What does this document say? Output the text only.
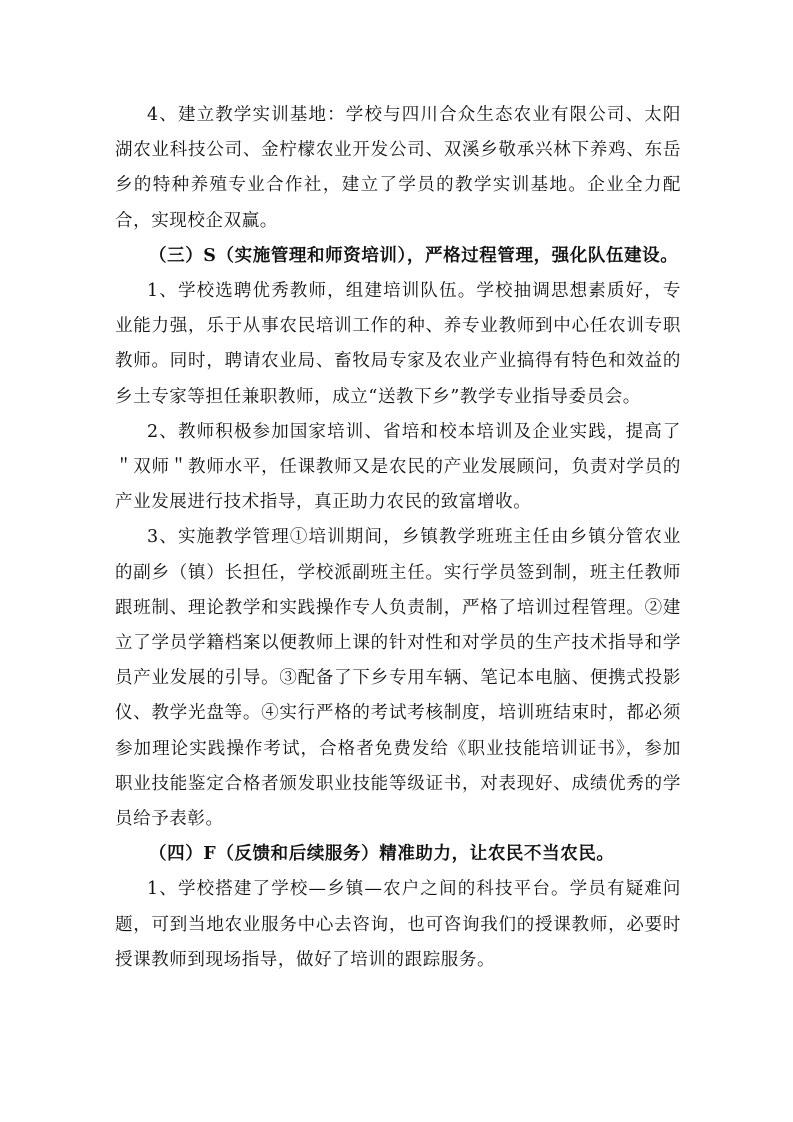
4、建立教学实训基地：学校与四川合众生态农业有限公司、太阳湖农业科技公司、金柠檬农业开发公司、双溪乡敬承兴林下养鸡、东岳乡的特种养殖专业合作社，建立了学员的教学实训基地。企业全力配合，实现校企双赢。

（三）S（实施管理和师资培训），严格过程管理，强化队伍建设。

1、学校选聘优秀教师，组建培训队伍。学校抽调思想素质好，专业能力强，乐于从事农民培训工作的种、养专业教师到中心任农训专职教师。同时，聘请农业局、畜牧局专家及农业产业搞得有特色和效益的乡土专家等担任兼职教师，成立“送教下乡”教学专业指导委员会。

2、教师积极参加国家培训、省培和校本培训及企业实践，提高了＂双师＂教师水平，任课教师又是农民的产业发展顾问，负责对学员的产业发展进行技术指导，真正助力农民的致富增收。

3、实施教学管理①培训期间，乡镇教学班班主任由乡镇分管农业的副乡（镇）长担任，学校派副班主任。实行学员签到制，班主任教师跟班制、理论教学和实践操作专人负责制，严格了培训过程管理。②建立了学员学籍档案以便教师上课的针对性和对学员的生产技术指导和学员产业发展的引导。③配备了下乡专用车辆、笔记本电脑、便携式投影仪、教学光盘等。④实行严格的考试考核制度，培训班结束时，都必须参加理论实践操作考试，合格者免费发给《职业技能培训证书》，参加职业技能鉴定合格者颁发职业技能等级证书，对表现好、成绩优秀的学员给予表彰。

（四）F（反馈和后续服务）精准助力，让农民不当农民。

1、学校搭建了学校—乡镇—农户之间的科技平台。学员有疑难问题，可到当地农业服务中心去咨询，也可咨询我们的授课教师，必要时授课教师到现场指导，做好了培训的跟踪服务。
